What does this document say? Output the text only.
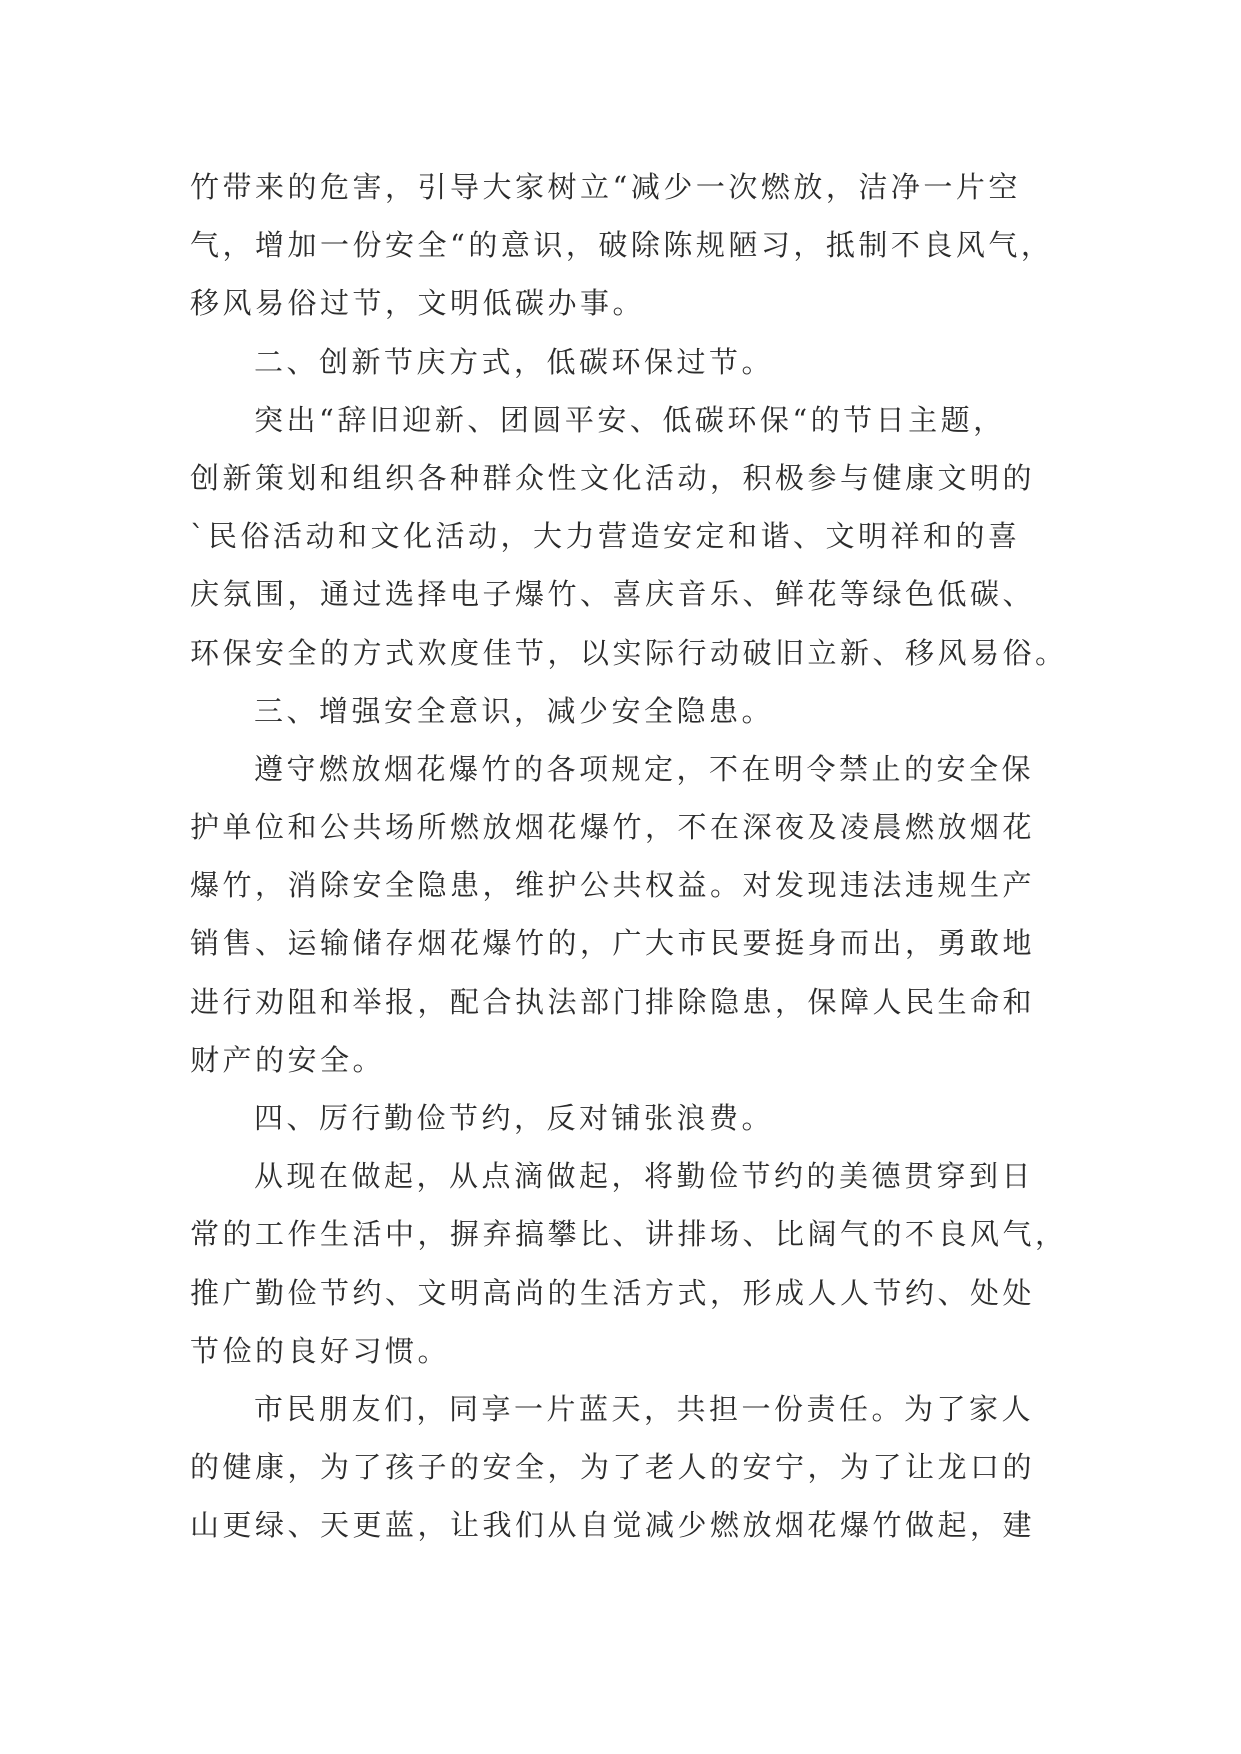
竹带来的危害，引导大家树立“减少一次燃放，洁净一片空
气，增加一份安全“的意识，破除陈规陋习，抵制不良风气，
移风易俗过节，文明低碳办事。
二、创新节庆方式，低碳环保过节。
突出“辞旧迎新、团圆平安、低碳环保“的节日主题，
创新策划和组织各种群众性文化活动，积极参与健康文明的
`民俗活动和文化活动，大力营造安定和谐、文明祥和的喜
庆氛围，通过选择电子爆竹、喜庆音乐、鲜花等绿色低碳、
环保安全的方式欢度佳节，以实际行动破旧立新、移风易俗。
三、增强安全意识，减少安全隐患。
遵守燃放烟花爆竹的各项规定，不在明令禁止的安全保
护单位和公共场所燃放烟花爆竹，不在深夜及凌晨燃放烟花
爆竹，消除安全隐患，维护公共权益。对发现违法违规生产
销售、运输储存烟花爆竹的，广大市民要挺身而出，勇敢地
进行劝阻和举报，配合执法部门排除隐患，保障人民生命和
财产的安全。
四、厉行勤俭节约，反对铺张浪费。
从现在做起，从点滴做起，将勤俭节约的美德贯穿到日
常的工作生活中，摒弃搞攀比、讲排场、比阔气的不良风气，
推广勤俭节约、文明高尚的生活方式，形成人人节约、处处
节俭的良好习惯。
市民朋友们，同享一片蓝天，共担一份责任。为了家人
的健康，为了孩子的安全，为了老人的安宁，为了让龙口的
山更绿、天更蓝，让我们从自觉减少燃放烟花爆竹做起，建
